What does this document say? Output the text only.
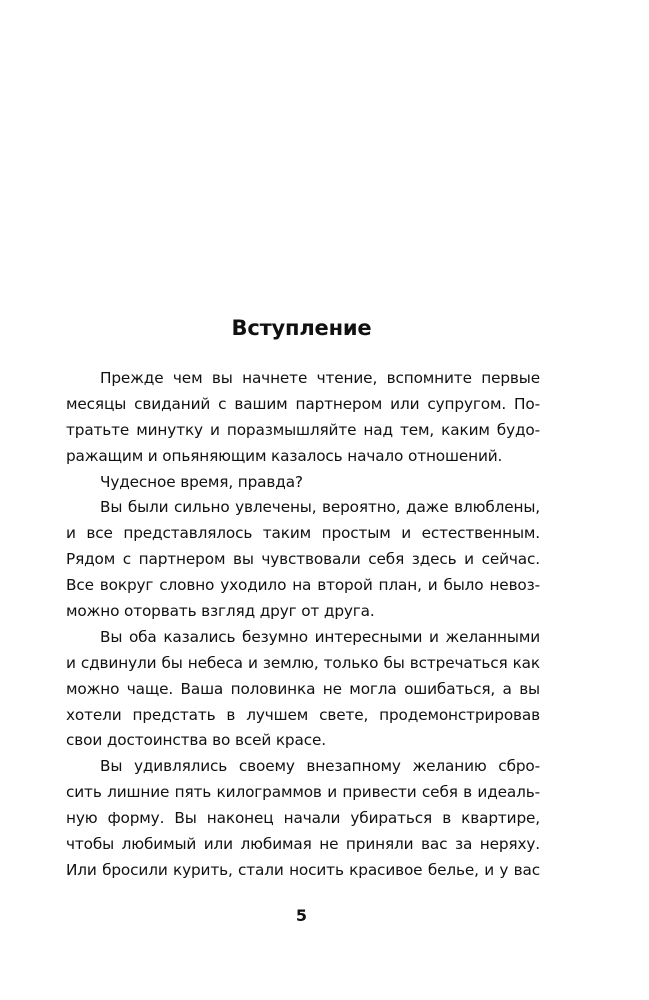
Вступление
Прежде чем вы начнете чтение, вспомните первые
месяцы свиданий с вашим партнером или супругом. По-
тратьте минутку и поразмышляйте над тем, каким будо-
ражащим и опьяняющим казалось начало отношений.
Чудесное время, правда?
Вы были сильно увлечены, вероятно, даже влюблены,
и все представлялось таким простым и естественным.
Рядом с партнером вы чувствовали себя здесь и сейчас.
Все вокруг словно уходило на второй план, и было невоз-
можно оторвать взгляд друг от друга.
Вы оба казались безумно интересными и желанными
и сдвинули бы небеса и землю, только бы встречаться как
можно чаще. Ваша половинка не могла ошибаться, а вы
хотели предстать в лучшем свете, продемонстрировав
свои достоинства во всей красе.
Вы удивлялись своему внезапному желанию сбро-
сить лишние пять килограммов и привести себя в идеаль-
ную форму. Вы наконец начали убираться в квартире,
чтобы любимый или любимая не приняли вас за неряху.
Или бросили курить, стали носить красивое белье, и у вас
5
